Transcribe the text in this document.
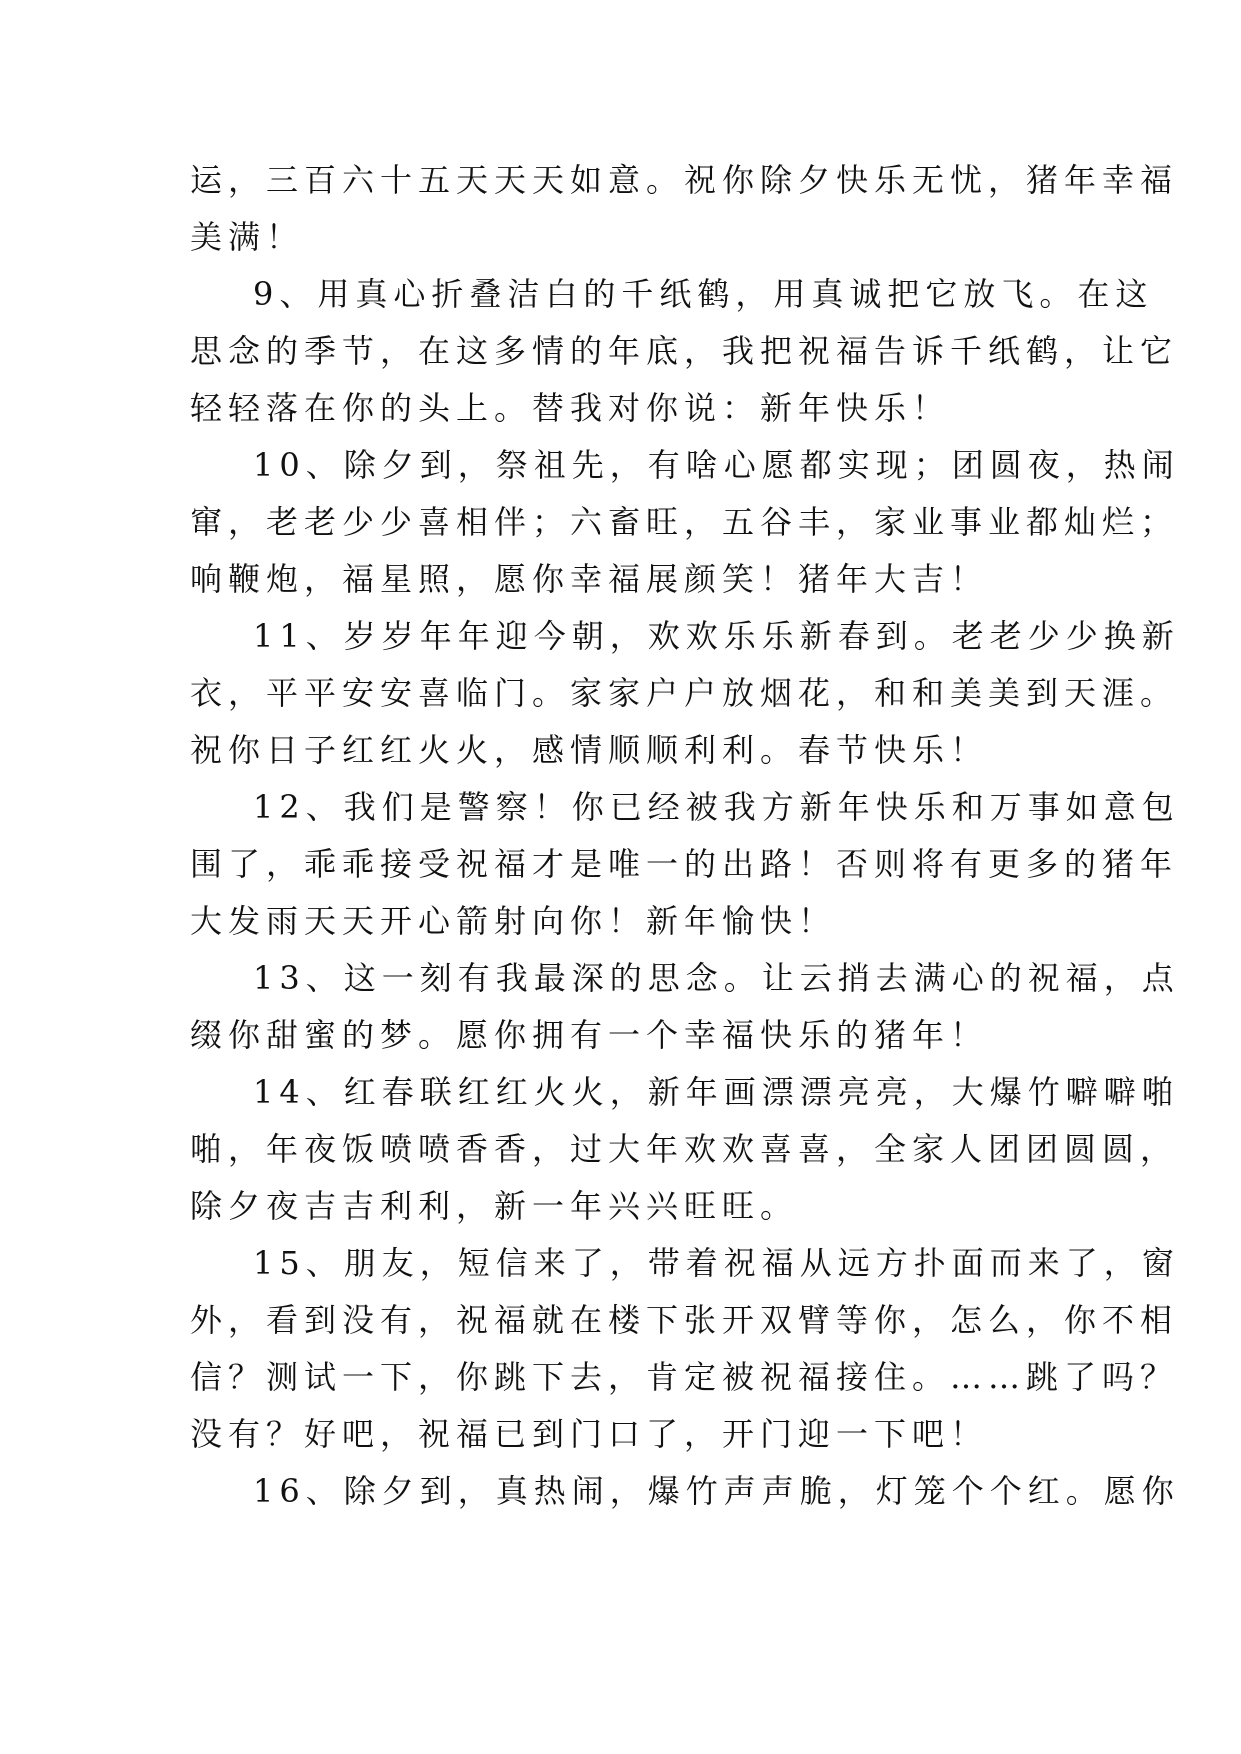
运，三百六十五天天天如意。祝你除夕快乐无忧，猪年幸福
美满！
9、用真心折叠洁白的千纸鹤，用真诚把它放飞。在这
思念的季节，在这多情的年底，我把祝福告诉千纸鹤，让它
轻轻落在你的头上。替我对你说：新年快乐！
10、除夕到，祭祖先，有啥心愿都实现；团圆夜，热闹
窜，老老少少喜相伴；六畜旺，五谷丰，家业事业都灿烂；
响鞭炮，福星照，愿你幸福展颜笑！猪年大吉！
11、岁岁年年迎今朝，欢欢乐乐新春到。老老少少换新
衣，平平安安喜临门。家家户户放烟花，和和美美到天涯。
祝你日子红红火火，感情顺顺利利。春节快乐！
12、我们是警察！你已经被我方新年快乐和万事如意包
围了，乖乖接受祝福才是唯一的出路！否则将有更多的猪年
大发雨天天开心箭射向你！新年愉快！
13、这一刻有我最深的思念。让云捎去满心的祝福，点
缀你甜蜜的梦。愿你拥有一个幸福快乐的猪年！
14、红春联红红火火，新年画漂漂亮亮，大爆竹噼噼啪
啪，年夜饭喷喷香香，过大年欢欢喜喜，全家人团团圆圆，
除夕夜吉吉利利，新一年兴兴旺旺。
15、朋友，短信来了，带着祝福从远方扑面而来了，窗
外，看到没有，祝福就在楼下张开双臂等你，怎么，你不相
信？测试一下，你跳下去，肯定被祝福接住。……跳了吗？
没有？好吧，祝福已到门口了，开门迎一下吧！
16、除夕到，真热闹，爆竹声声脆，灯笼个个红。愿你
